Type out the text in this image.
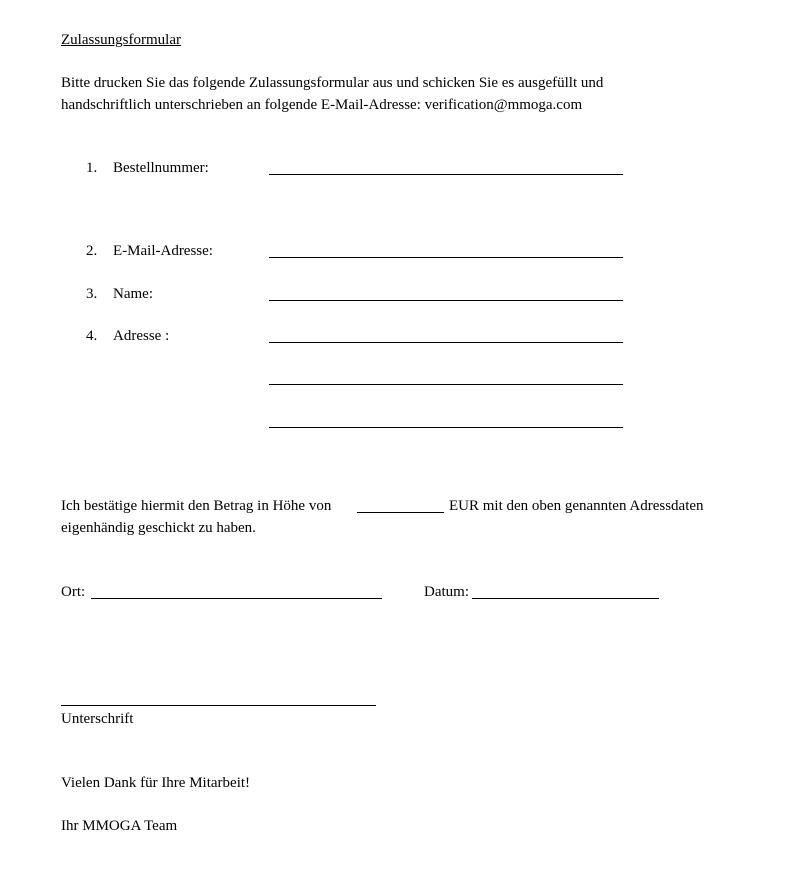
Zulassungsformular
Bitte drucken Sie das folgende Zulassungsformular aus und schicken Sie es ausgefüllt und
handschriftlich unterschrieben an folgende E-Mail-Adresse: verification@mmoga.com
1. Bestellnummer:
2. E-Mail-Adresse:
3. Name:
4. Adresse :
Ich bestätige hiermit den Betrag in Höhe von	EUR mit den oben genannten Adressdaten
eigenhändig geschickt zu haben.
Ort:	Datum:
Unterschrift
Vielen Dank für Ihre Mitarbeit!
Ihr MMOGA Team
